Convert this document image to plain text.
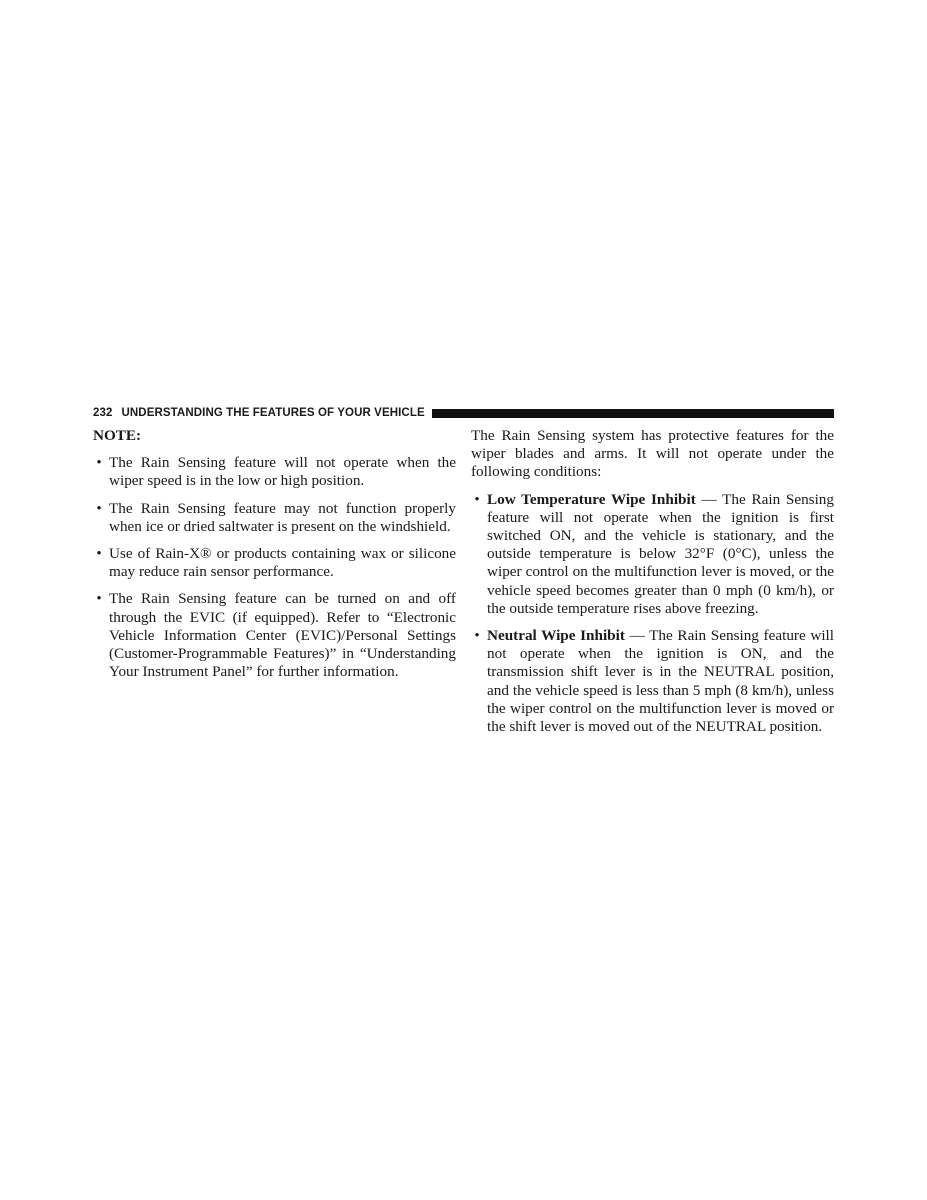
232 UNDERSTANDING THE FEATURES OF YOUR VEHICLE
NOTE:
• The Rain Sensing feature will not operate when the wiper speed is in the low or high position.
• The Rain Sensing feature may not function properly when ice or dried saltwater is present on the windshield.
• Use of Rain-X® or products containing wax or silicone may reduce rain sensor performance.
• The Rain Sensing feature can be turned on and off through the EVIC (if equipped). Refer to “Electronic Vehicle Information Center (EVIC)/Personal Settings (Customer-Programmable Features)” in “Understanding Your Instrument Panel” for further information.

The Rain Sensing system has protective features for the wiper blades and arms. It will not operate under the following conditions:

• Low Temperature Wipe Inhibit — The Rain Sensing feature will not operate when the ignition is first switched ON, and the vehicle is stationary, and the outside temperature is below 32°F (0°C), unless the wiper control on the multifunction lever is moved, or the vehicle speed becomes greater than 0 mph (0 km/h), or the outside temperature rises above freezing.
• Neutral Wipe Inhibit — The Rain Sensing feature will not operate when the ignition is ON, and the transmission shift lever is in the NEUTRAL position, and the vehicle speed is less than 5 mph (8 km/h), unless the wiper control on the multifunction lever is moved or the shift lever is moved out of the NEUTRAL position.
